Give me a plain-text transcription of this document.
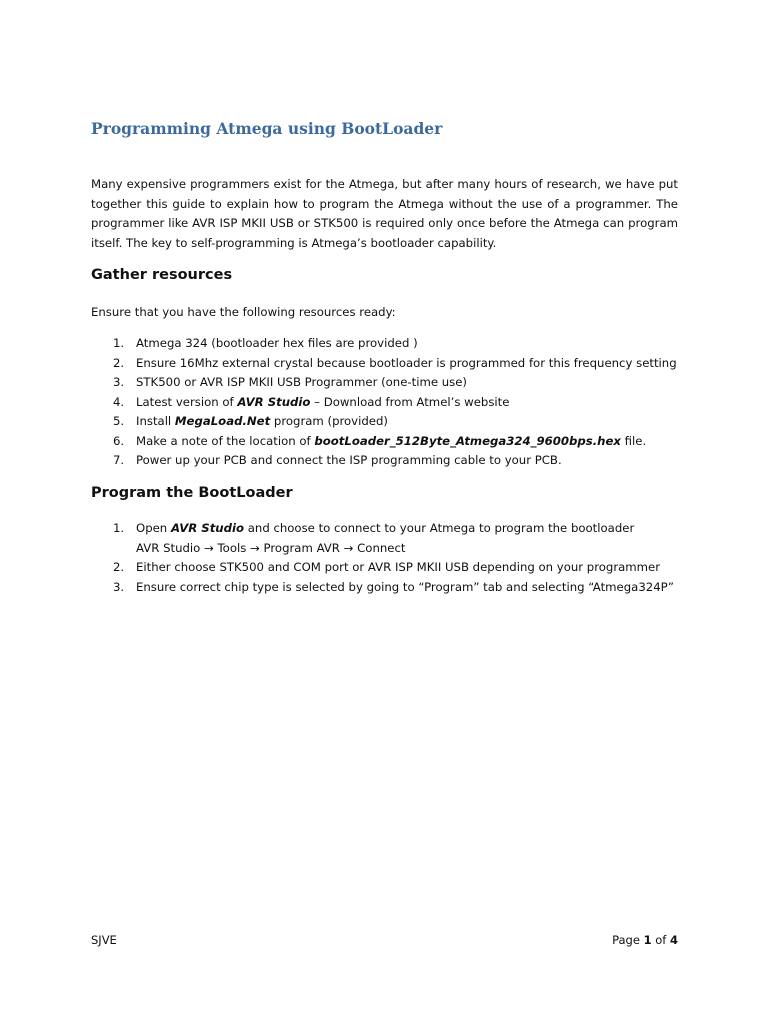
Programming Atmega using BootLoader

Many expensive programmers exist for the Atmega, but after many hours of research, we have put together this guide to explain how to program the Atmega without the use of a programmer. The programmer like AVR ISP MKII USB or STK500 is required only once before the Atmega can program itself. The key to self-programming is Atmega’s bootloader capability.

Gather resources

Ensure that you have the following resources ready:

1. Atmega 324 (bootloader hex files are provided )
2. Ensure 16Mhz external crystal because bootloader is programmed for this frequency setting
3. STK500 or AVR ISP MKII USB Programmer (one-time use)
4. Latest version of AVR Studio – Download from Atmel’s website
5. Install MegaLoad.Net program (provided)
6. Make a note of the location of bootLoader_512Byte_Atmega324_9600bps.hex file.
7. Power up your PCB and connect the ISP programming cable to your PCB.
Program the BootLoader
1. Open AVR Studio and choose to connect to your Atmega to program the bootloader
AVR Studio → Tools → Program AVR → Connect
2. Either choose STK500 and COM port or AVR ISP MKII USB depending on your programmer
3. Ensure correct chip type is selected by going to “Program” tab and selecting “Atmega324P”

SJVE	Page 1 of 4
